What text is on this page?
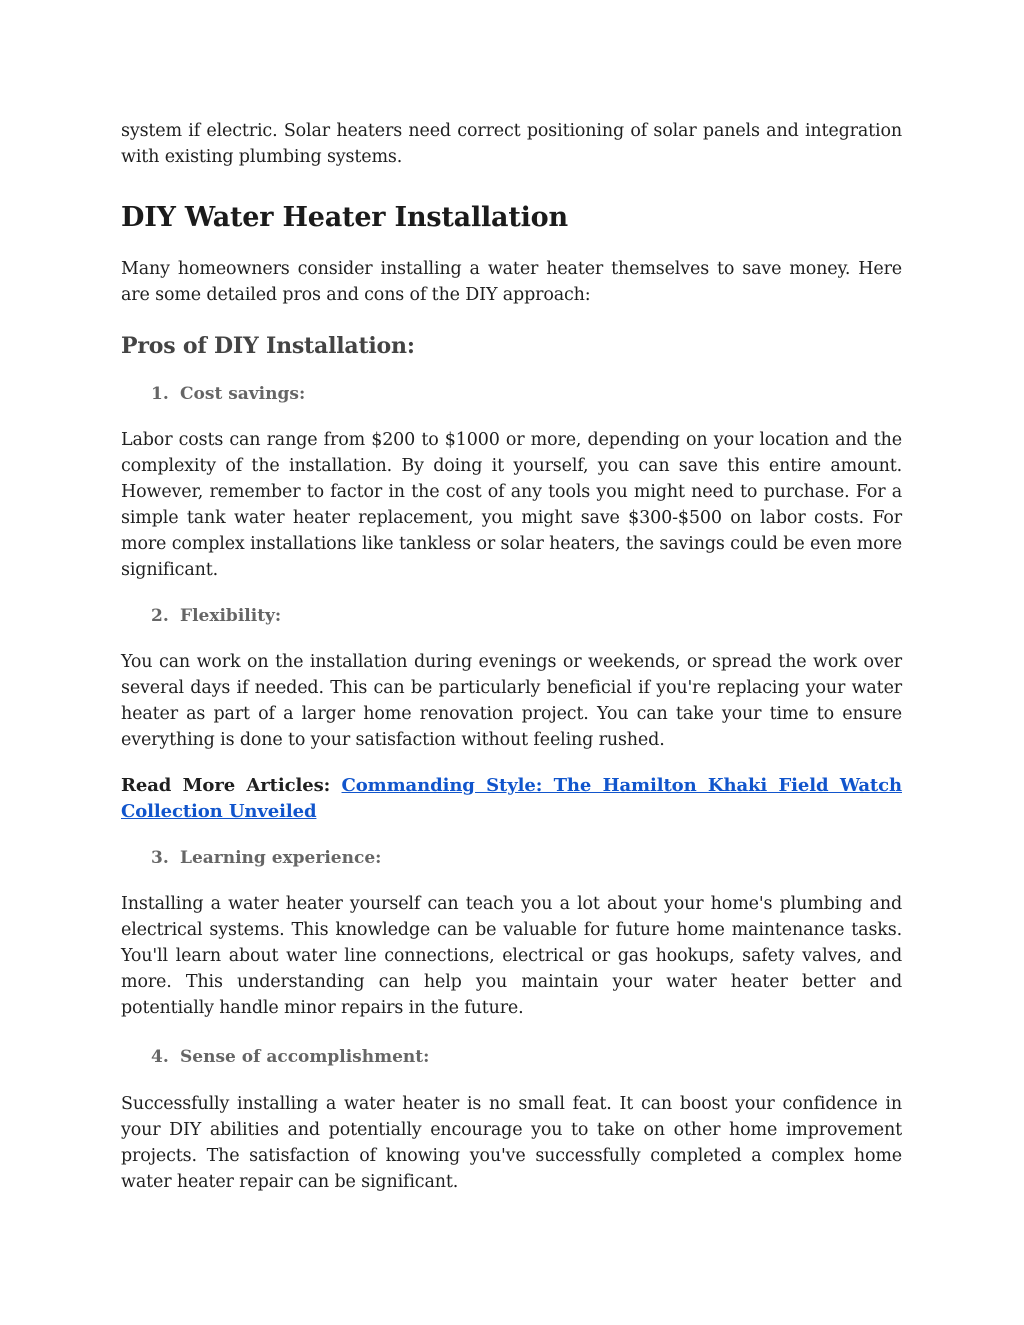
system if electric. Solar heaters need correct positioning of solar panels and integration with existing plumbing systems.

DIY Water Heater Installation

Many homeowners consider installing a water heater themselves to save money. Here are some detailed pros and cons of the DIY approach:

Pros of DIY Installation:
1. Cost savings:

Labor costs can range from $200 to $1000 or more, depending on your location and the complexity of the installation. By doing it yourself, you can save this entire amount. However, remember to factor in the cost of any tools you might need to purchase. For a simple tank water heater replacement, you might save $300-$500 on labor costs. For more complex installations like tankless or solar heaters, the savings could be even more significant.

2. Flexibility:

You can work on the installation during evenings or weekends, or spread the work over several days if needed. This can be particularly beneficial if you're replacing your water heater as part of a larger home renovation project. You can take your time to ensure everything is done to your satisfaction without feeling rushed.

Read More Articles: Commanding Style: The Hamilton Khaki Field Watch Collection Unveiled

3. Learning experience:

Installing a water heater yourself can teach you a lot about your home's plumbing and electrical systems. This knowledge can be valuable for future home maintenance tasks. You'll learn about water line connections, electrical or gas hookups, safety valves, and more. This understanding can help you maintain your water heater better and potentially handle minor repairs in the future.

4. Sense of accomplishment:

Successfully installing a water heater is no small feat. It can boost your confidence in your DIY abilities and potentially encourage you to take on other home improvement projects. The satisfaction of knowing you've successfully completed a complex home water heater repair can be significant.
